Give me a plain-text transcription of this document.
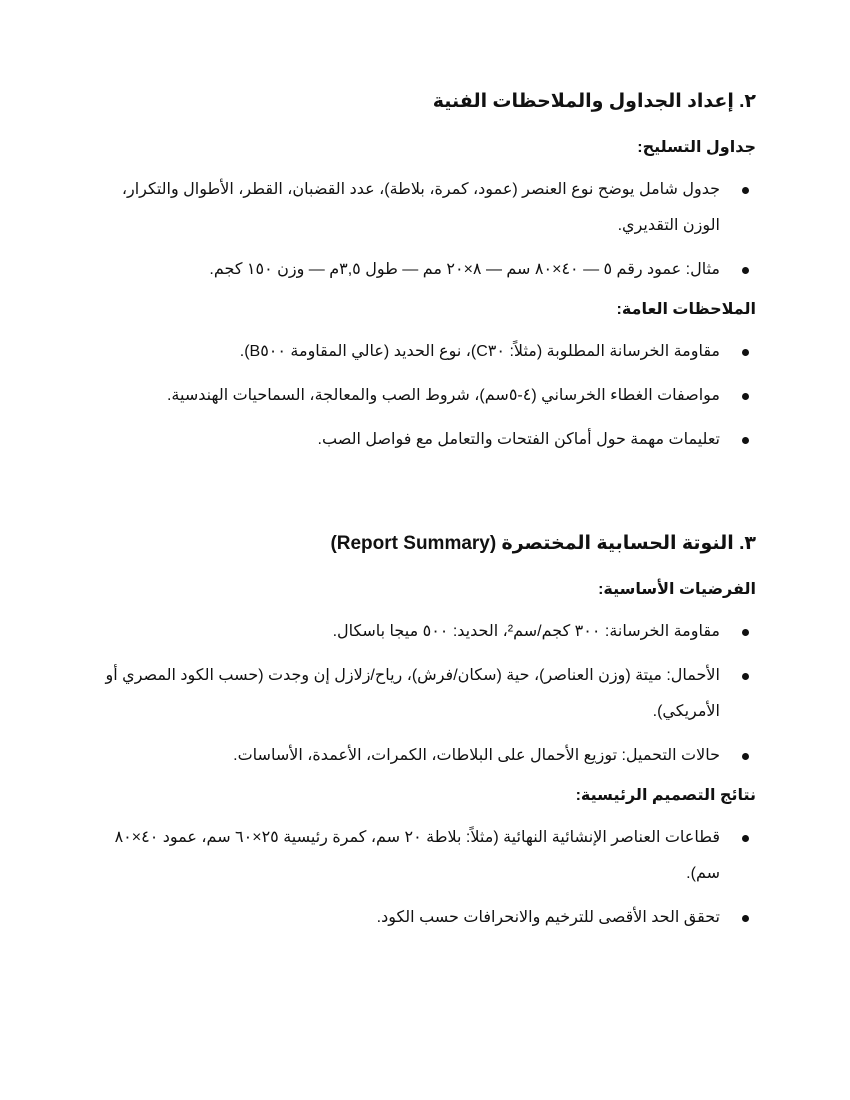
٢. إعداد الجداول والملاحظات الفنية
جداول التسليح:
جدول شامل يوضح نوع العنصر (عمود، كمرة، بلاطة)، عدد القضبان، القطر، الأطوال والتكرار، الوزن التقديري.
مثال: عمود رقم ٥ — ٤٠×٨٠ سم — ٨×٢٠ مم — طول ٣,٥م — وزن ١٥٠ كجم.
الملاحظات العامة:
مقاومة الخرسانة المطلوبة (مثلاً: C٣٠)، نوع الحديد (عالي المقاومة B٥٠٠).
مواصفات الغطاء الخرساني (٤-٥سم)، شروط الصب والمعالجة، السماحيات الهندسية.
تعليمات مهمة حول أماكن الفتحات والتعامل مع فواصل الصب.
٣. النوتة الحسابية المختصرة (Report Summary)
الفرضيات الأساسية:
مقاومة الخرسانة: ٣٠٠ كجم/سم²، الحديد: ٥٠٠ ميجا باسكال.
الأحمال: ميتة (وزن العناصر)، حية (سكان/فرش)، رياح/زلازل إن وجدت (حسب الكود المصري أو الأمريكي).
حالات التحميل: توزيع الأحمال على البلاطات، الكمرات، الأعمدة، الأساسات.
نتائج التصميم الرئيسية:
قطاعات العناصر الإنشائية النهائية (مثلاً: بلاطة ٢٠ سم، كمرة رئيسية ٢٥×٦٠ سم، عمود ٤٠×٨٠ سم).
تحقق الحد الأقصى للترخيم والانحرافات حسب الكود.
